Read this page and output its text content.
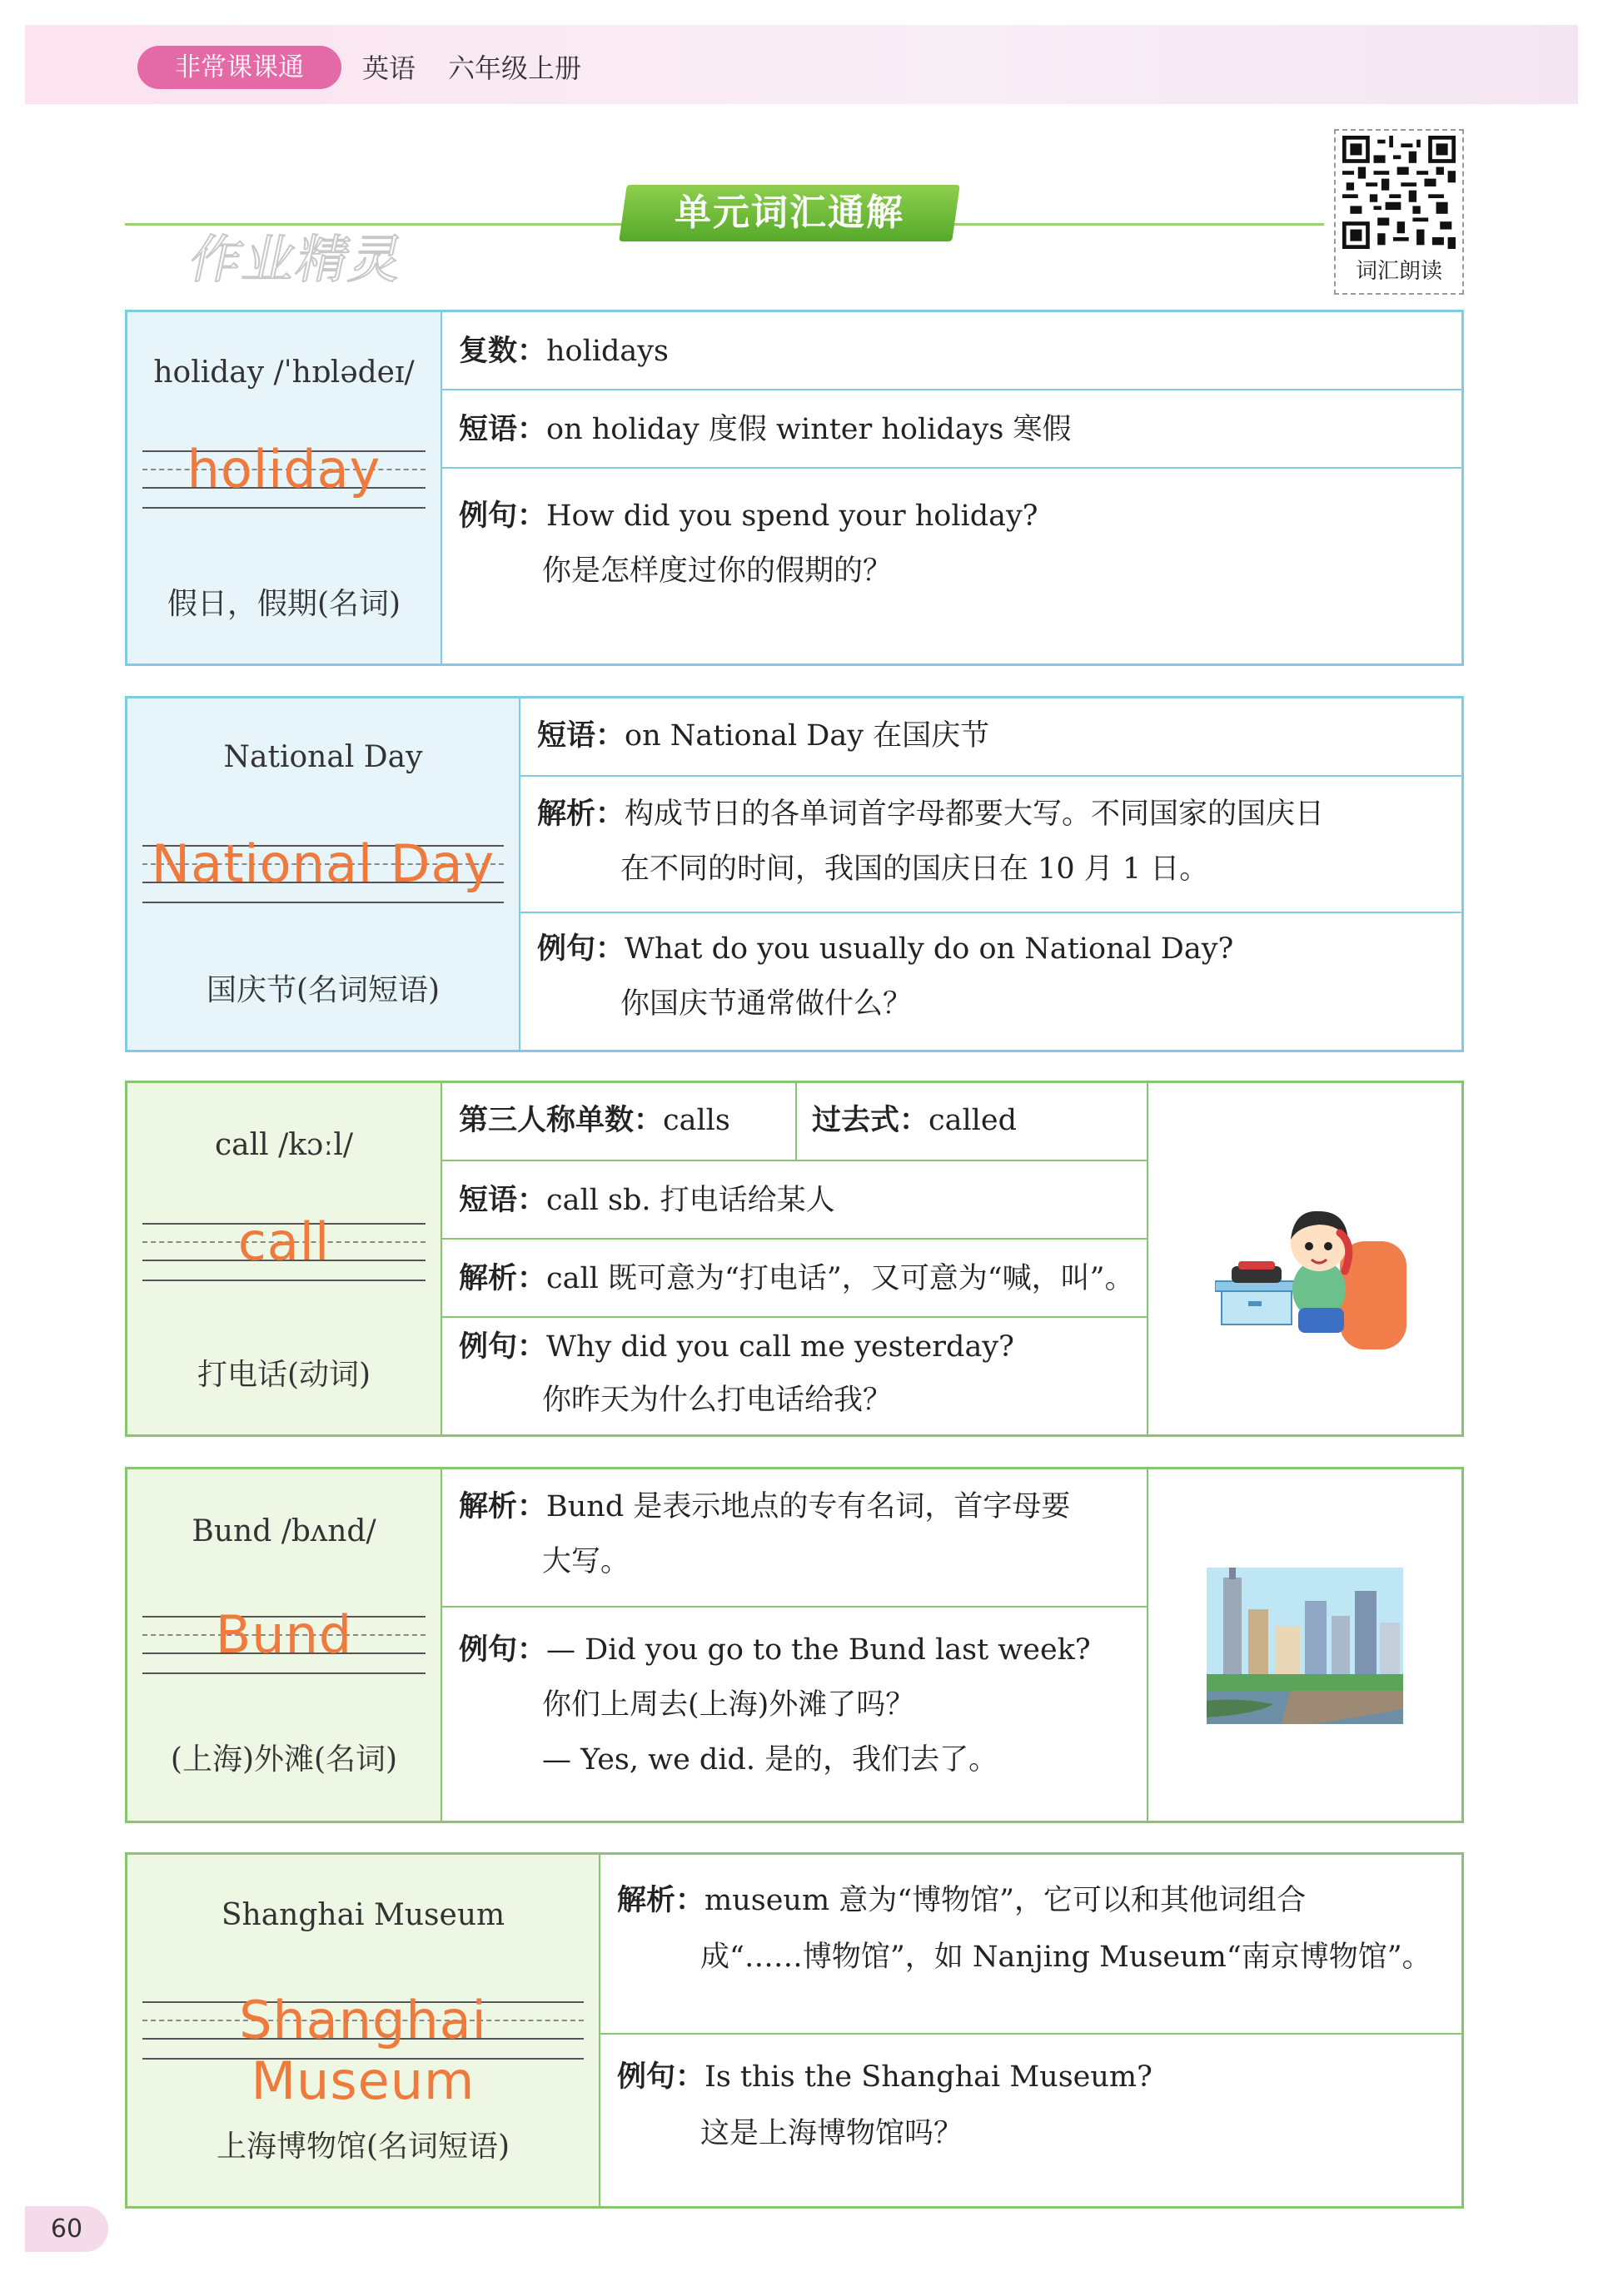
非常课课通	英语 六年级上册
单元词汇通解
作业精灵	词汇朗读
holiday /ˈhɒlədeɪ/
holiday
假日，假期(名词)
复数：holidays
短语：on holiday 度假 winter holidays 寒假
例句：How did you spend your holiday?
你是怎样度过你的假期的？
National Day
National Day
国庆节(名词短语)
短语：on National Day 在国庆节
解析：构成节日的各单词首字母都要大写。不同国家的国庆日
在不同的时间，我国的国庆日在 10 月 1 日。
例句：What do you usually do on National Day?
你国庆节通常做什么？
call /kɔːl/
call
打电话(动词)
第三人称单数：calls	过去式：called
短语：call sb. 打电话给某人
解析：call 既可意为“打电话”，又可意为“喊，叫”。
例句：Why did you call me yesterday?
你昨天为什么打电话给我？
Bund /bʌnd/
Bund
(上海)外滩(名词)
解析：Bund 是表示地点的专有名词，首字母要
大写。
例句：— Did you go to the Bund last week?
你们上周去(上海)外滩了吗？
— Yes, we did. 是的，我们去了。
Shanghai Museum
Shanghai Museum
上海博物馆(名词短语)
解析：museum 意为“博物馆”，它可以和其他词组合
成“……博物馆”，如 Nanjing Museum“南京博物馆”。
例句：Is this the Shanghai Museum?
这是上海博物馆吗？
60
